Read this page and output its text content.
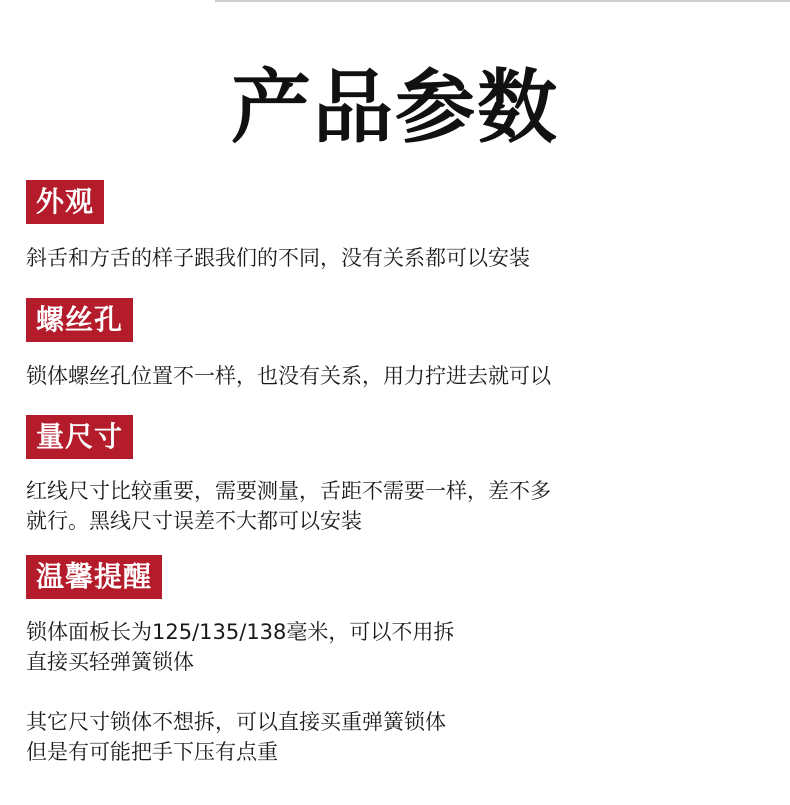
产品参数
外观

斜舌和方舌的样子跟我们的不同，没有关系都可以安装

螺丝孔

锁体螺丝孔位置不一样，也没有关系，用力拧进去就可以

量尺寸

红线尺寸比较重要，需要测量，舌距不需要一样，差不多

就行。黑线尺寸误差不大都可以安装

温馨提醒

锁体面板长为125/135/138毫米，可以不用拆

直接买轻弹簧锁体

其它尺寸锁体不想拆，可以直接买重弹簧锁体

但是有可能把手下压有点重
